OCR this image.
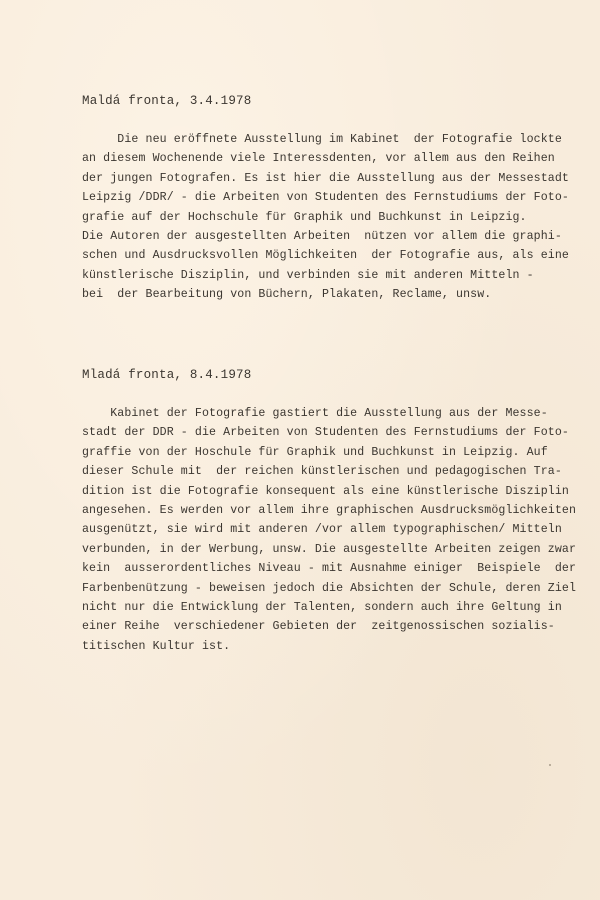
Maldá fronta, 3.4.1978
Die neu eröffnete Ausstellung im Kabinet  der Fotografie lockte
an diesem Wochenende viele Interessdenten, vor allem aus den Reihen
der jungen Fotografen. Es ist hier die Ausstellung aus der Messestadt
Leipzig /DDR/ - die Arbeiten von Studenten des Fernstudiums der Foto-
grafie auf der Hochschule für Graphik und Buchkunst in Leipzig.
Die Autoren der ausgestellten Arbeiten  nützen vor allem die graphi-
schen und Ausdrucksvollen Möglichkeiten  der Fotografie aus, als eine
künstlerische Disziplin, und verbinden sie mit anderen Mitteln -
bei  der Bearbeitung von Büchern, Plakaten, Reclame, unsw.
Mladá fronta, 8.4.1978
Kabinet der Fotografie gastiert die Ausstellung aus der Messe-
stadt der DDR - die Arbeiten von Studenten des Fernstudiums der Foto-
graffie von der Hoschule für Graphik und Buchkunst in Leipzig. Auf
dieser Schule mit  der reichen künstlerischen und pedagogischen Tra-
dition ist die Fotografie konsequent als eine künstlerische Disziplin
angesehen. Es werden vor allem ihre graphischen Ausdrucksmöglichkeiten
ausgenützt, sie wird mit anderen /vor allem typographischen/ Mitteln
verbunden, in der Werbung, unsw. Die ausgestellte Arbeiten zeigen zwar
kein  ausserordentliches Niveau - mit Ausnahme einiger  Beispiele  der
Farbenbenützung - beweisen jedoch die Absichten der Schule, deren Ziel
nicht nur die Entwicklung der Talenten, sondern auch ihre Geltung in
einer Reihe  verschiedener Gebieten der  zeitgenossischen sozialis-
titischen Kultur ist.
